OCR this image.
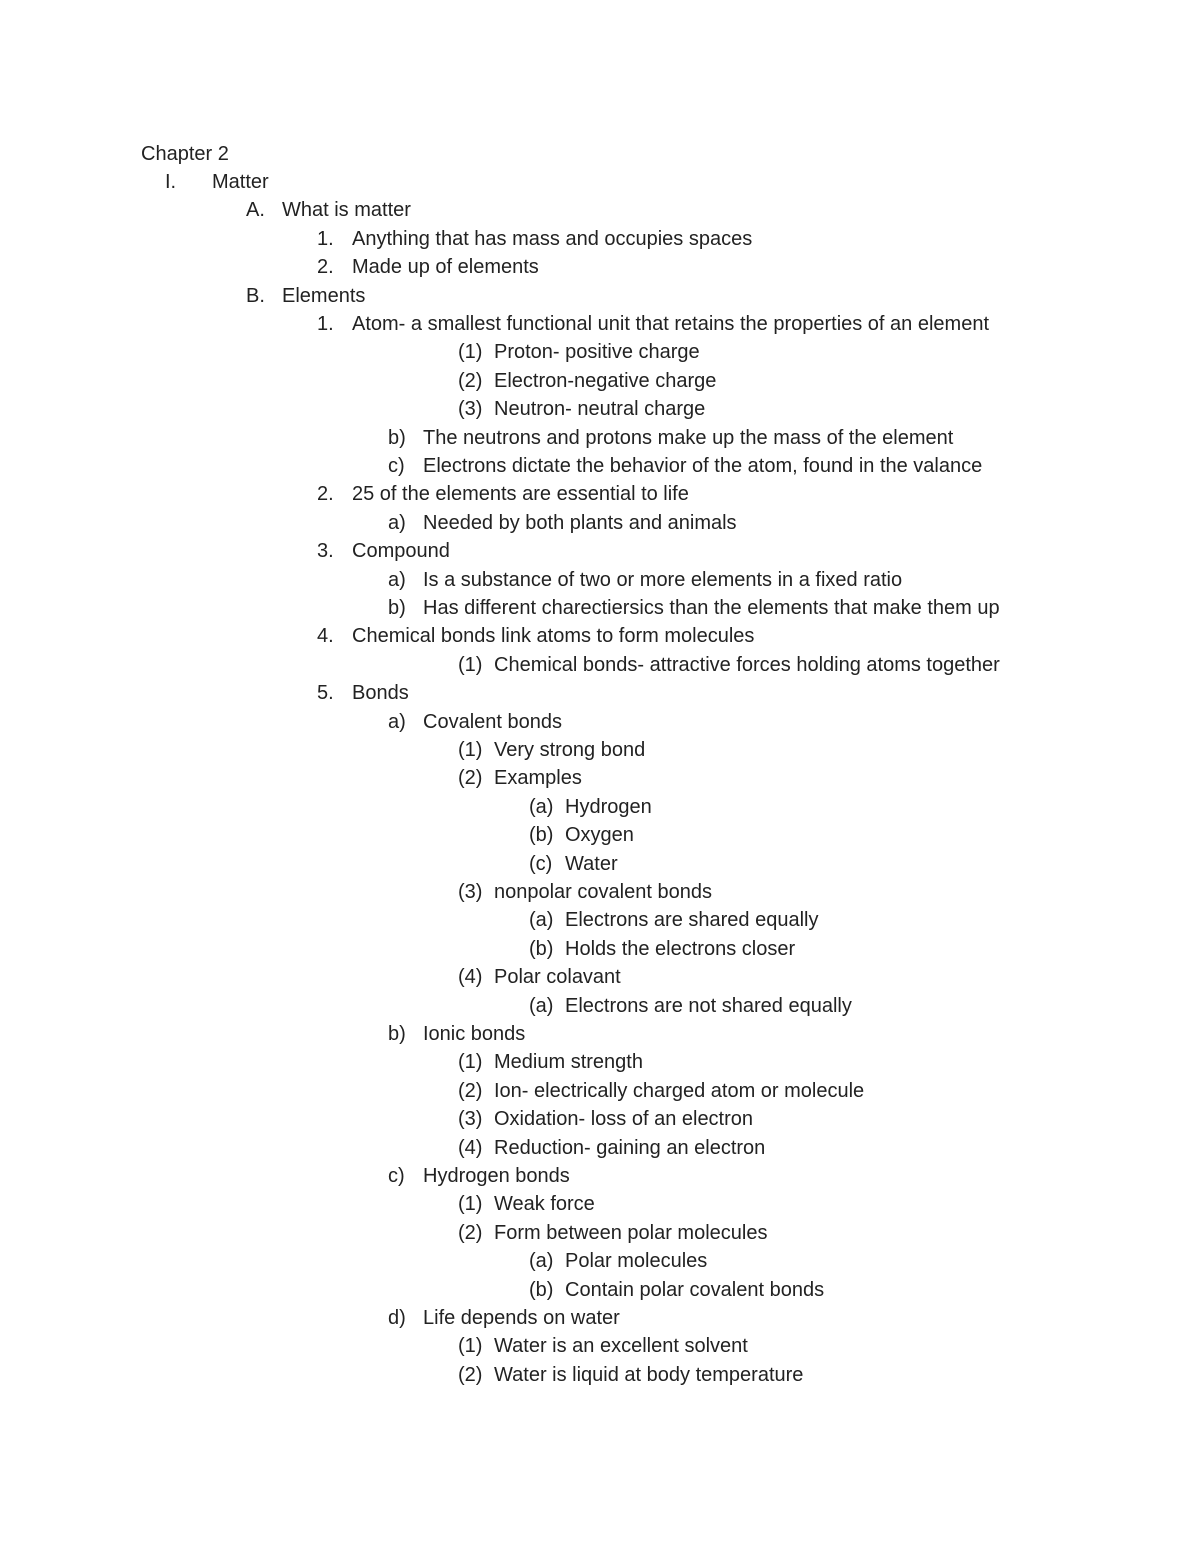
Chapter 2
I. Matter
A. What is matter
1. Anything that has mass and occupies spaces
2. Made up of elements
B. Elements
1. Atom- a smallest functional unit that retains the properties of an element
(1) Proton- positive charge
(2) Electron-negative charge
(3) Neutron- neutral charge
b) The neutrons and protons make up the mass of the element
c) Electrons dictate the behavior of the atom, found in the valance
2. 25 of the elements are essential to life
a) Needed by both plants and animals
3. Compound
a) Is a substance of two or more elements in a fixed ratio
b) Has different charectiersics than the elements that make them up
4. Chemical bonds link atoms to form molecules
(1) Chemical bonds- attractive forces holding atoms together
5. Bonds
a) Covalent bonds
(1) Very strong bond
(2) Examples
(a) Hydrogen
(b) Oxygen
(c) Water
(3) nonpolar covalent bonds
(a) Electrons are shared equally
(b) Holds the electrons closer
(4) Polar colavant
(a) Electrons are not shared equally
b) Ionic bonds
(1) Medium strength
(2) Ion- electrically charged atom or molecule
(3) Oxidation- loss of an electron
(4) Reduction- gaining an electron
c) Hydrogen bonds
(1) Weak force
(2) Form between polar molecules
(a) Polar molecules
(b) Contain polar covalent bonds
d) Life depends on water
(1) Water is an excellent solvent
(2) Water is liquid at body temperature
